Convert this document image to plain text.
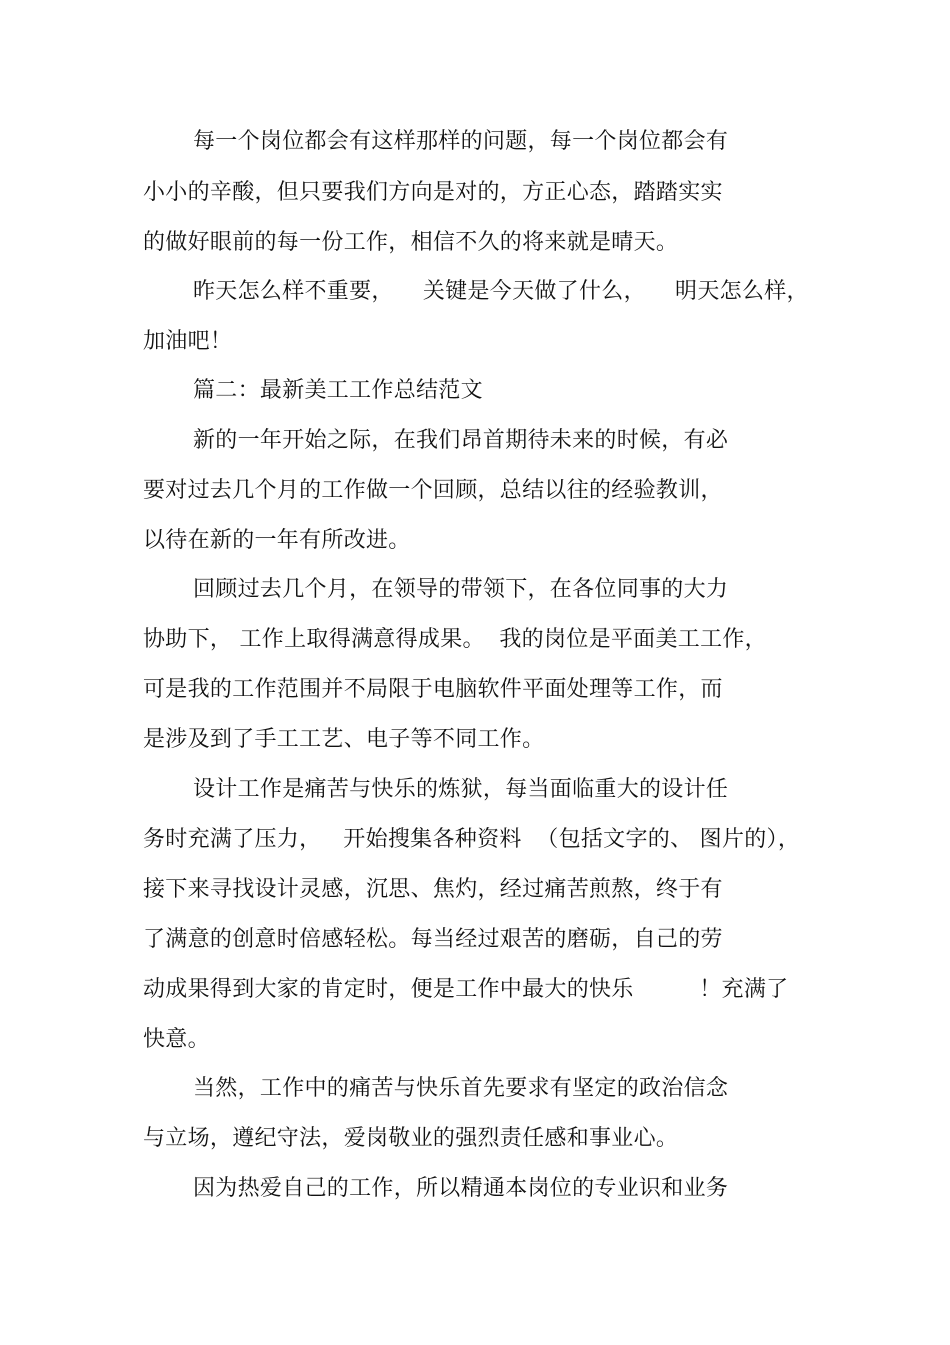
每一个岗位都会有这样那样的问题，每一个岗位都会有
小小的辛酸，但只要我们方向是对的，方正心态，踏踏实实
的做好眼前的每一份工作，相信不久的将来就是晴天。
昨天怎么样不重要，    关键是今天做了什么，    明天怎么样，
加油吧！
篇二：最新美工工作总结范文
新的一年开始之际，在我们昂首期待未来的时候，有必
要对过去几个月的工作做一个回顾，总结以往的经验教训，
以待在新的一年有所改进。
回顾过去几个月，在领导的带领下，在各位同事的大力
协助下， 工作上取得满意得成果。  我的岗位是平面美工工作，
可是我的工作范围并不局限于电脑软件平面处理等工作，而
是涉及到了手工工艺、电子等不同工作。
设计工作是痛苦与快乐的炼狱，每当面临重大的设计任
务时充满了压力，   开始搜集各种资料  （包括文字的、 图片的），
接下来寻找设计灵感，沉思、焦灼，经过痛苦煎熬，终于有
了满意的创意时倍感轻松。每当经过艰苦的磨砺，自己的劳
动成果得到大家的肯定时，便是工作中最大的快乐         ！充满了
快意。
当然，工作中的痛苦与快乐首先要求有坚定的政治信念
与立场，遵纪守法，爱岗敬业的强烈责任感和事业心。
因为热爱自己的工作，所以精通本岗位的专业识和业务
